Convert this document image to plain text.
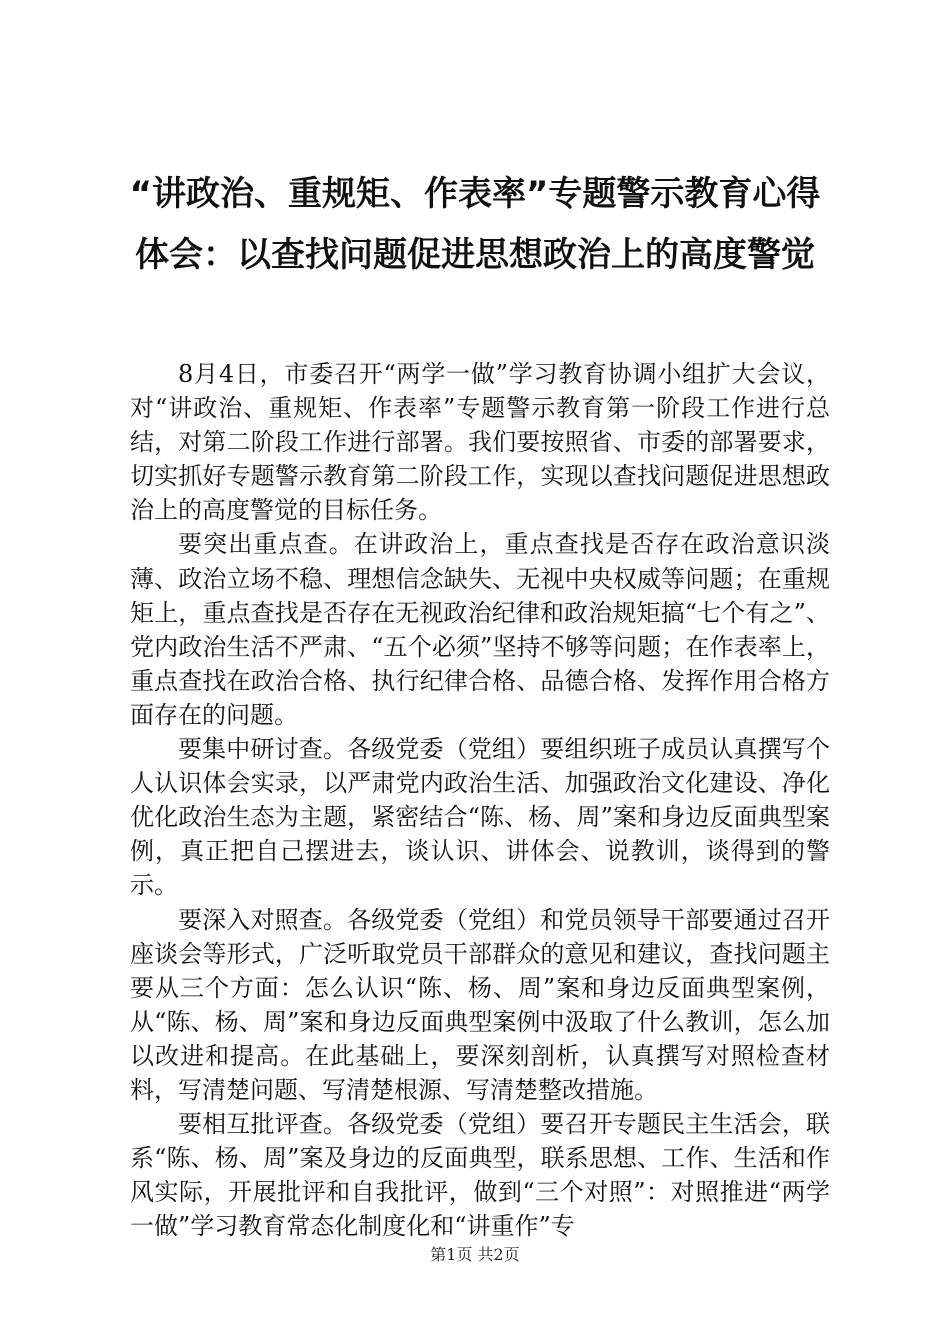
“讲政治、重规矩、作表率”专题警示教育心得体会：以查找问题促进思想政治上的高度警觉

8月4日，市委召开“两学一做”学习教育协调小组扩大会议，对“讲政治、重规矩、作表率”专题警示教育第一阶段工作进行总结，对第二阶段工作进行部署。我们要按照省、市委的部署要求，切实抓好专题警示教育第二阶段工作，实现以查找问题促进思想政治上的高度警觉的目标任务。

要突出重点查。在讲政治上，重点查找是否存在政治意识淡薄、政治立场不稳、理想信念缺失、无视中央权威等问题；在重规矩上，重点查找是否存在无视政治纪律和政治规矩搞“七个有之”、党内政治生活不严肃、“五个必须”坚持不够等问题；在作表率上，重点查找在政治合格、执行纪律合格、品德合格、发挥作用合格方面存在的问题。

要集中研讨查。各级党委（党组）要组织班子成员认真撰写个人认识体会实录，以严肃党内政治生活、加强政治文化建设、净化优化政治生态为主题，紧密结合“陈、杨、周”案和身边反面典型案例，真正把自己摆进去，谈认识、讲体会、说教训，谈得到的警示。

要深入对照查。各级党委（党组）和党员领导干部要通过召开座谈会等形式，广泛听取党员干部群众的意见和建议，查找问题主要从三个方面：怎么认识“陈、杨、周”案和身边反面典型案例，从“陈、杨、周”案和身边反面典型案例中汲取了什么教训，怎么加以改进和提高。在此基础上，要深刻剖析，认真撰写对照检查材料，写清楚问题、写清楚根源、写清楚整改措施。

要相互批评查。各级党委（党组）要召开专题民主生活会，联系“陈、杨、周”案及身边的反面典型，联系思想、工作、生活和作风实际，开展批评和自我批评，做到“三个对照”：对照推进“两学一做”学习教育常态化制度化和“讲重作”专

第1页 共2页
